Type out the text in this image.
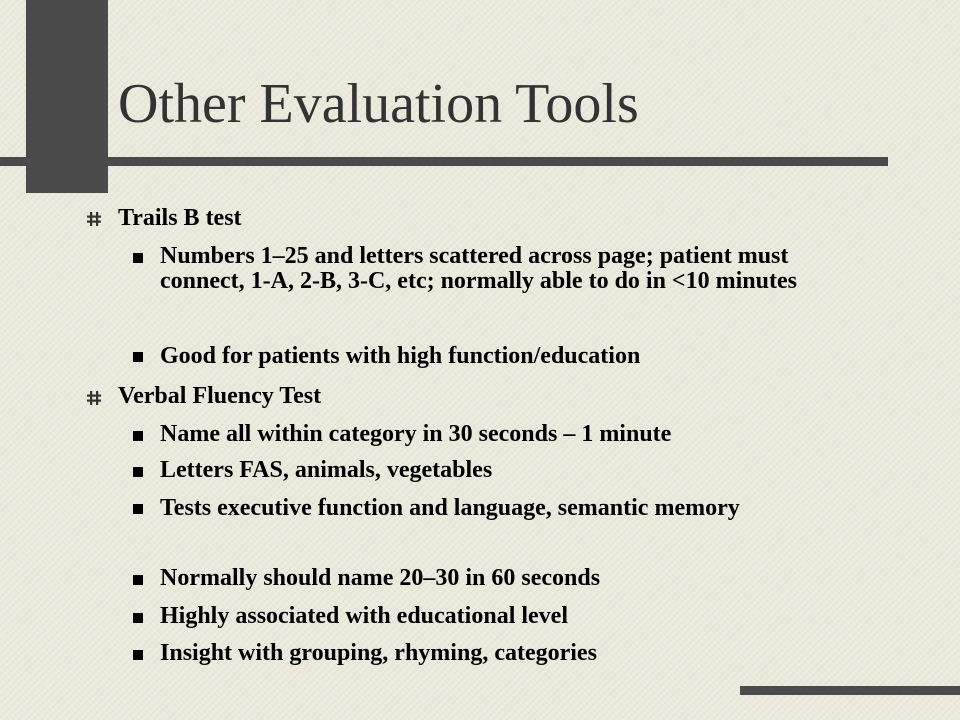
Other Evaluation Tools

Trails B test

Numbers 1–25 and letters scattered across page; patient must connect, 1-A, 2-B, 3-C, etc; normally able to do in <10 minutes

Good for patients with high function/education

Verbal Fluency Test

Name all within category in 30 seconds – 1 minute

Letters FAS, animals, vegetables

Tests executive function and language, semantic memory

Normally should name 20–30 in 60 seconds

Highly associated with educational level

Insight with grouping, rhyming, categories
